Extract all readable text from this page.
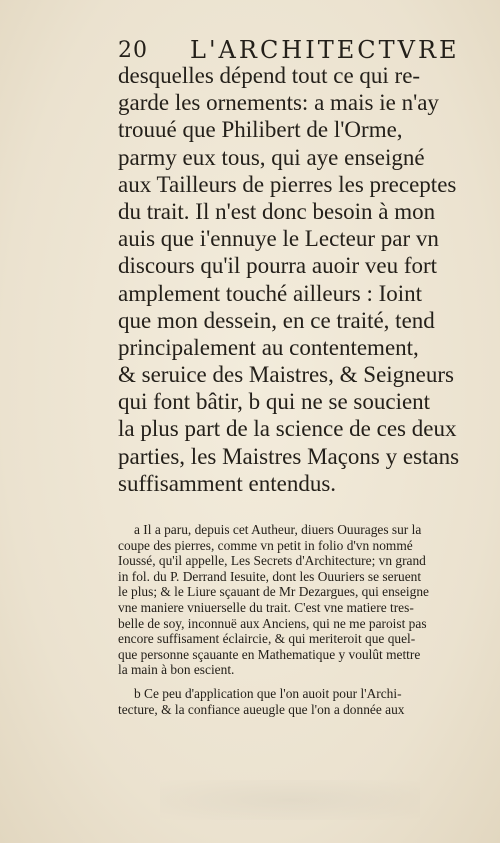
20 L'ARCHITECTVRE
desquelles dépend tout ce qui re-
garde les ornements: a mais ie n'ay
trouué que Philibert de l'Orme,
parmy eux tous, qui aye enseigné
aux Tailleurs de pierres les preceptes
du trait. Il n'est donc besoin à mon
auis que i'ennuye le Lecteur par vn
discours qu'il pourra auoir veu fort
amplement touché ailleurs : Ioint
que mon dessein, en ce traité, tend
principalement au contentement,
& seruice des Maistres, & Seigneurs
qui font bâtir, b qui ne se soucient
la plus part de la science de ces deux
parties, les Maistres Maçons y estans
suffisamment entendus.
a Il a paru, depuis cet Autheur, diuers Ouurages sur la
coupe des pierres, comme vn petit in folio d'vn nommé
Ioussé, qu'il appelle, Les Secrets d'Architecture; vn grand
in fol. du P. Derrand Iesuite, dont les Ouuriers se seruent
le plus; & le Liure sçauant de Mr Dezargues, qui enseigne
vne maniere vniuerselle du trait. C'est vne matiere tres-
belle de soy, inconnuë aux Anciens, qui ne me paroist pas
encore suffisament éclaircie, & qui meriteroit que quel-
que personne sçauante en Mathematique y voulût mettre
la main à bon escient.
b Ce peu d'application que l'on auoit pour l'Archi-
tecture, & la confiance aueugle que l'on a donnée aux
